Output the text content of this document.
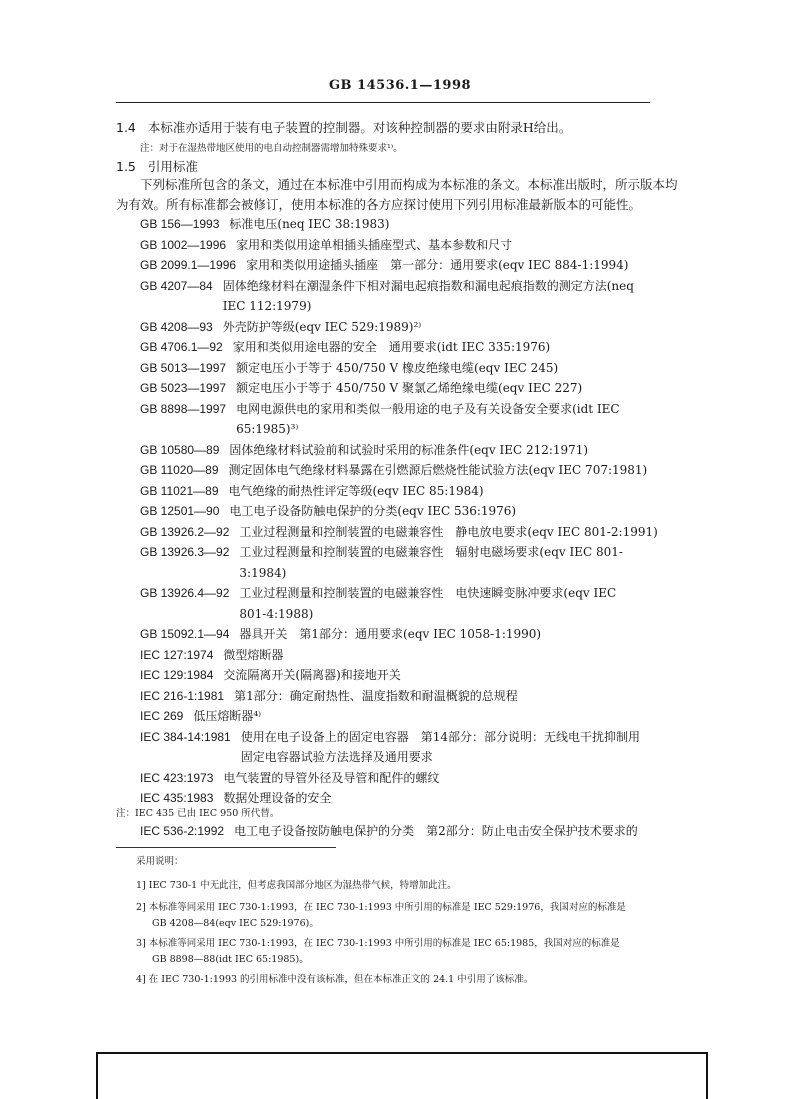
GB 14536.1—1998
1.4 本标准亦适用于装有电子装置的控制器。对该种控制器的要求由附录H给出。
注：对于在湿热带地区使用的电自动控制器需增加特殊要求¹⁾。
1.5 引用标准

下列标准所包含的条文，通过在本标准中引用而构成为本标准的条文。本标准出版时，所示版本均

为有效。所有标准都会被修订，使用本标准的各方应探讨使用下列引用标准最新版本的可能性。

GB 156—1993 标准电压(neq IEC 38:1983)
GB 1002—1996 家用和类似用途单相插头插座型式、基本参数和尺寸
GB 2099.1—1996 家用和类似用途插头插座　第一部分：通用要求(eqv IEC 884-1:1994)
GB 4207—84 固体绝缘材料在潮湿条件下相对漏电起痕指数和漏电起痕指数的测定方法(neq IEC 112:1979)
GB 4208—93 外壳防护等级(eqv IEC 529:1989)²⁾
GB 4706.1—92 家用和类似用途电器的安全　通用要求(idt IEC 335:1976)
GB 5013—1997 额定电压小于等于 450/750 V 橡皮绝缘电缆(eqv IEC 245)
GB 5023—1997 额定电压小于等于 450/750 V 聚氯乙烯绝缘电缆(eqv IEC 227)
GB 8898—1997 电网电源供电的家用和类似一般用途的电子及有关设备安全要求(idt IEC 65:1985)³⁾
GB 10580—89 固体绝缘材料试验前和试验时采用的标准条件(eqv IEC 212:1971)
GB 11020—89 测定固体电气绝缘材料暴露在引燃源后燃烧性能试验方法(eqv IEC 707:1981)
GB 11021—89 电气绝缘的耐热性评定等级(eqv IEC 85:1984)
GB 12501—90 电工电子设备防触电保护的分类(eqv IEC 536:1976)
GB 13926.2—92 工业过程测量和控制装置的电磁兼容性　静电放电要求(eqv IEC 801-2:1991)
GB 13926.3—92 工业过程测量和控制装置的电磁兼容性　辐射电磁场要求(eqv IEC 801-3:1984)
GB 13926.4—92 工业过程测量和控制装置的电磁兼容性　电快速瞬变脉冲要求(eqv IEC 801-4:1988)
GB 15092.1—94 器具开关　第1部分：通用要求(eqv IEC 1058-1:1990)
IEC 127:1974 微型熔断器
IEC 129:1984 交流隔离开关(隔离器)和接地开关
IEC 216-1:1981 第1部分：确定耐热性、温度指数和耐温概貌的总规程
IEC 269 低压熔断器⁴⁾
IEC 384-14:1981 使用在电子设备上的固定电容器　第14部分：部分说明：无线电干扰抑制用固定电容器试验方法选择及通用要求
IEC 423:1973 电气装置的导管外径及导管和配件的螺纹
IEC 435:1983 数据处理设备的安全
注：IEC 435 已由 IEC 950 所代替。
IEC 536-2:1992 电工电子设备按防触电保护的分类　第2部分：防止电击安全保护技术要求的

采用说明：

1] IEC 730-1 中无此注，但考虑我国部分地区为湿热带气候，特增加此注。

2] 本标准等同采用 IEC 730-1:1993，在 IEC 730-1:1993 中所引用的标准是 IEC 529:1976，我国对应的标准是

GB 4208—84(eqv IEC 529:1976)。

3] 本标准等同采用 IEC 730-1:1993，在 IEC 730-1:1993 中所引用的标准是 IEC 65:1985，我国对应的标准是

GB 8898—88(idt IEC 65:1985)。

4] 在 IEC 730-1:1993 的引用标准中没有该标准，但在本标准正文的 24.1 中引用了该标准。
